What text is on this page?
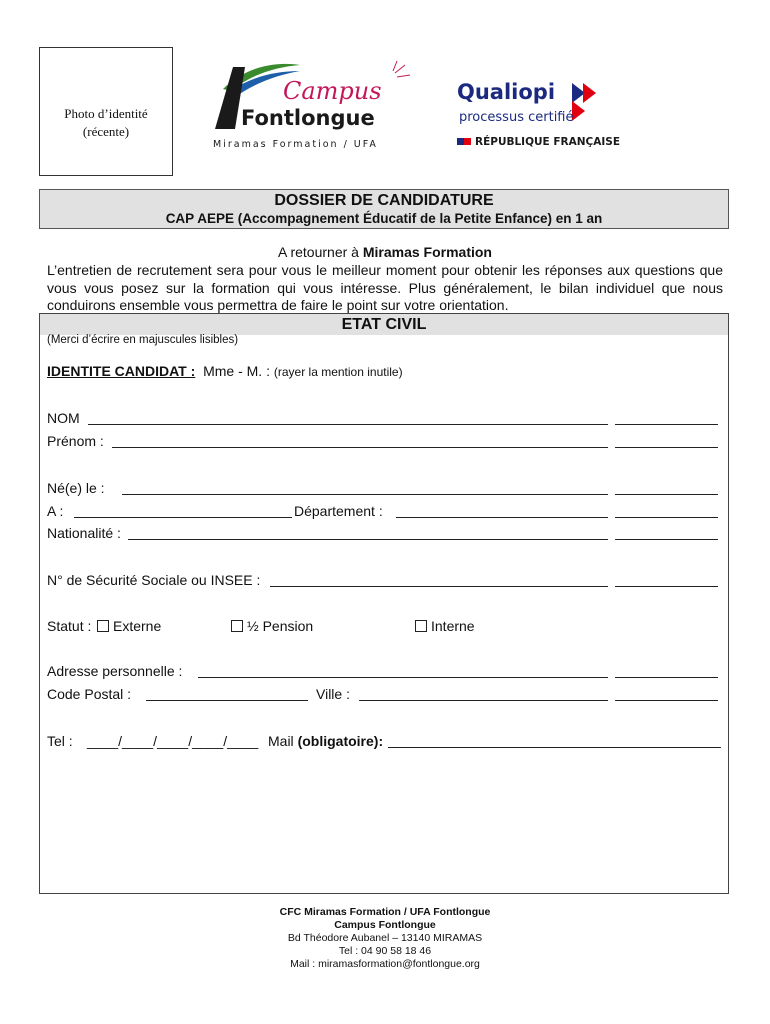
Photo d’identité
(récente)
Campus
Fontlongue
Miramas Formation / UFA
Qualiopi
processus certifié
RÉPUBLIQUE FRANÇAISE
DOSSIER DE CANDIDATURE
CAP AEPE (Accompagnement Éducatif de la Petite Enfance) en 1 an
A retourner à Miramas Formation
L’entretien de recrutement sera pour vous le meilleur moment pour obtenir les réponses aux questions que vous vous posez sur la formation qui vous intéresse. Plus généralement, le bilan individuel que nous conduirons ensemble vous permettra de faire le point sur votre orientation.
ETAT CIVIL
(Merci d’écrire en majuscules lisibles)
IDENTITE CANDIDAT : Mme - M. : (rayer la mention inutile)
NOM
Prénom :
Né(e) le :
A :	Département :
Nationalité :
N° de Sécurité Sociale ou INSEE :
Statut :	Externe	½ Pension	Interne
Adresse personnelle :
Code Postal :	Ville :
Tel : ____/____/____/____/____ Mail (obligatoire):
CFC Miramas Formation / UFA Fontlongue
Campus Fontlongue
Bd Théodore Aubanel – 13140 MIRAMAS
Tel : 04 90 58 18 46
Mail : miramasformation@fontlongue.org
